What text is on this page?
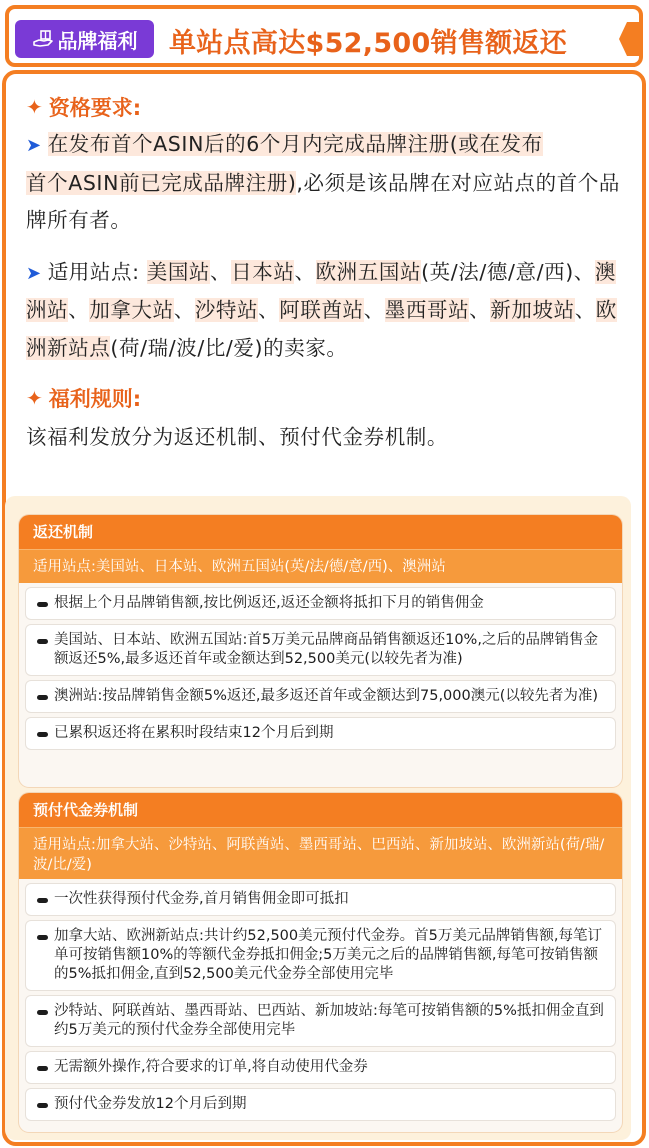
品牌福利 单站点高达$52,500销售额返还
✦ 资格要求:
➤ 在发布首个ASIN后的6个月内完成品牌注册(或在发布
首个ASIN前已完成品牌注册),必须是该品牌在对应站点的首个品牌所有者。
➤ 适用站点: 美国站、日本站、欧洲五国站(英/法/德/意/西)、澳洲站、加拿大站、沙特站、阿联酋站、墨西哥站、新加坡站、欧洲新站点(荷/瑞/波/比/爱)的卖家。
✦ 福利规则:
该福利发放分为返还机制、预付代金券机制。
返还机制
适用站点:美国站、日本站、欧洲五国站(英/法/德/意/西)、澳洲站
根据上个月品牌销售额,按比例返还,返还金额将抵扣下月的销售佣金
美国站、日本站、欧洲五国站:首5万美元品牌商品销售额返还10%,之后的品牌销售金额返还5%,最多返还首年或金额达到52,500美元(以较先者为准)
澳洲站:按品牌销售金额5%返还,最多返还首年或金额达到75,000澳元(以较先者为准)
已累积返还将在累积时段结束12个月后到期
预付代金券机制
适用站点:加拿大站、沙特站、阿联酋站、墨西哥站、巴西站、新加坡站、欧洲新站(荷/瑞/波/比/爱)
一次性获得预付代金券,首月销售佣金即可抵扣
加拿大站、欧洲新站点:共计约52,500美元预付代金券。首5万美元品牌销售额,每笔订单可按销售额10%的等额代金券抵扣佣金;5万美元之后的品牌销售额,每笔可按销售额的5%抵扣佣金,直到52,500美元代金券全部使用完毕
沙特站、阿联酋站、墨西哥站、巴西站、新加坡站:每笔可按销售额的5%抵扣佣金直到约5万美元的预付代金券全部使用完毕
无需额外操作,符合要求的订单,将自动使用代金券
预付代金券发放12个月后到期
